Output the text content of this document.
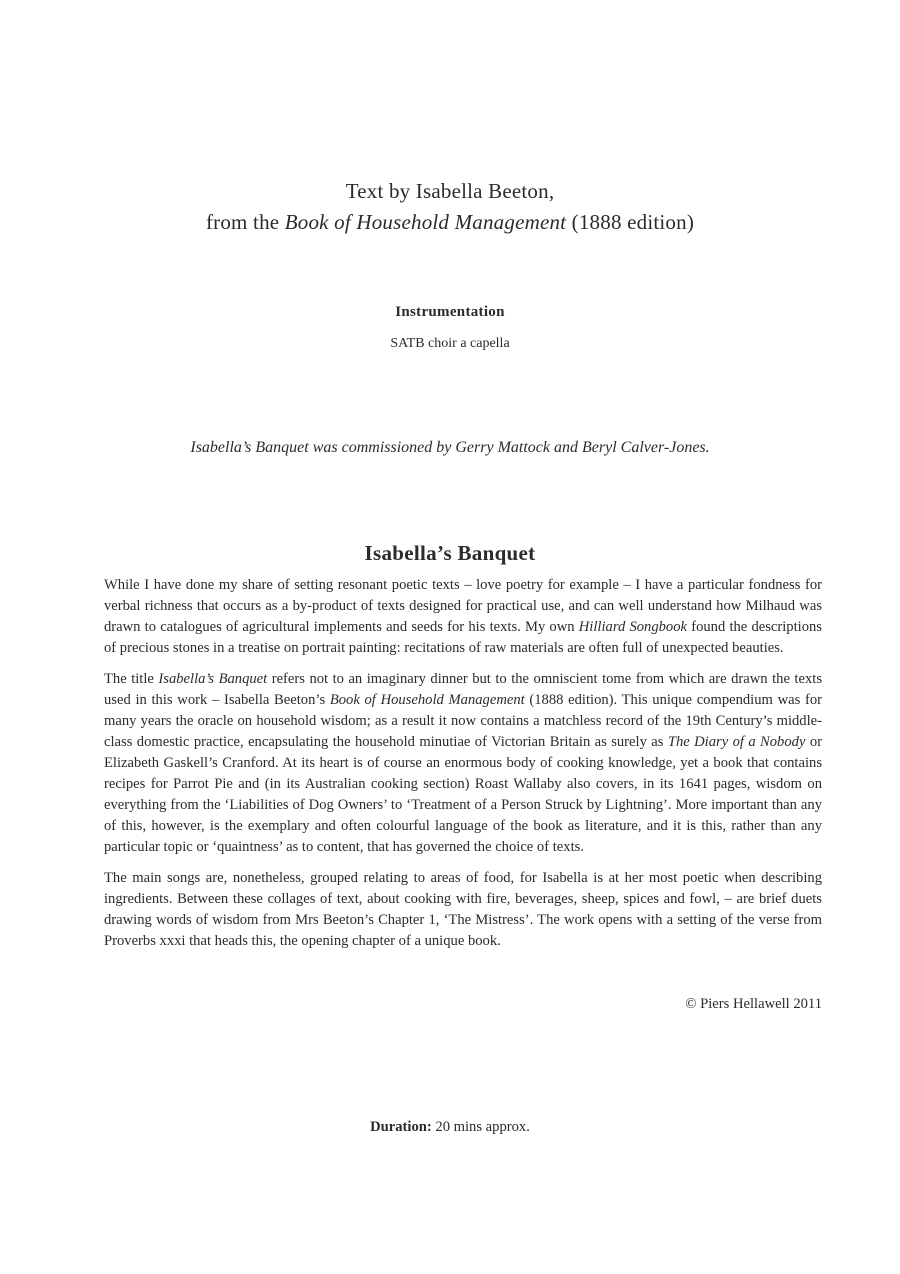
Text by Isabella Beeton,
from the Book of Household Management (1888 edition)
Instrumentation
SATB choir a capella
Isabella’s Banquet was commissioned by Gerry Mattock and Beryl Calver-Jones.
Isabella’s Banquet

While I have done my share of setting resonant poetic texts – love poetry for example – I have a particular fondness for verbal richness that occurs as a by-product of texts designed for practical use, and can well understand how Milhaud was drawn to catalogues of agricultural implements and seeds for his texts. My own Hilliard Songbook found the descriptions of precious stones in a treatise on portrait painting: recitations of raw materials are often full of unexpected beauties.

The title Isabella’s Banquet refers not to an imaginary dinner but to the omniscient tome from which are drawn the texts used in this work – Isabella Beeton’s Book of Household Management (1888 edition). This unique compendium was for many years the oracle on household wisdom; as a result it now contains a matchless record of the 19th Century’s middle-class domestic practice, encapsulating the household minutiae of Victorian Britain as surely as The Diary of a Nobody or Elizabeth Gaskell’s Cranford. At its heart is of course an enormous body of cooking knowledge, yet a book that contains recipes for Parrot Pie and (in its Australian cooking section) Roast Wallaby also covers, in its 1641 pages, wisdom on everything from the ‘Liabilities of Dog Owners’ to ‘Treatment of a Person Struck by Lightning’. More important than any of this, however, is the exemplary and often colourful language of the book as literature, and it is this, rather than any particular topic or ‘quaintness’ as to content, that has governed the choice of texts.

The main songs are, nonetheless, grouped relating to areas of food, for Isabella is at her most poetic when describing ingredients. Between these collages of text, about cooking with fire, beverages, sheep, spices and fowl, – are brief duets drawing words of wisdom from Mrs Beeton’s Chapter 1, ‘The Mistress’. The work opens with a setting of the verse from Proverbs xxxi that heads this, the opening chapter of a unique book.

© Piers Hellawell 2011
Duration: 20 mins approx.
